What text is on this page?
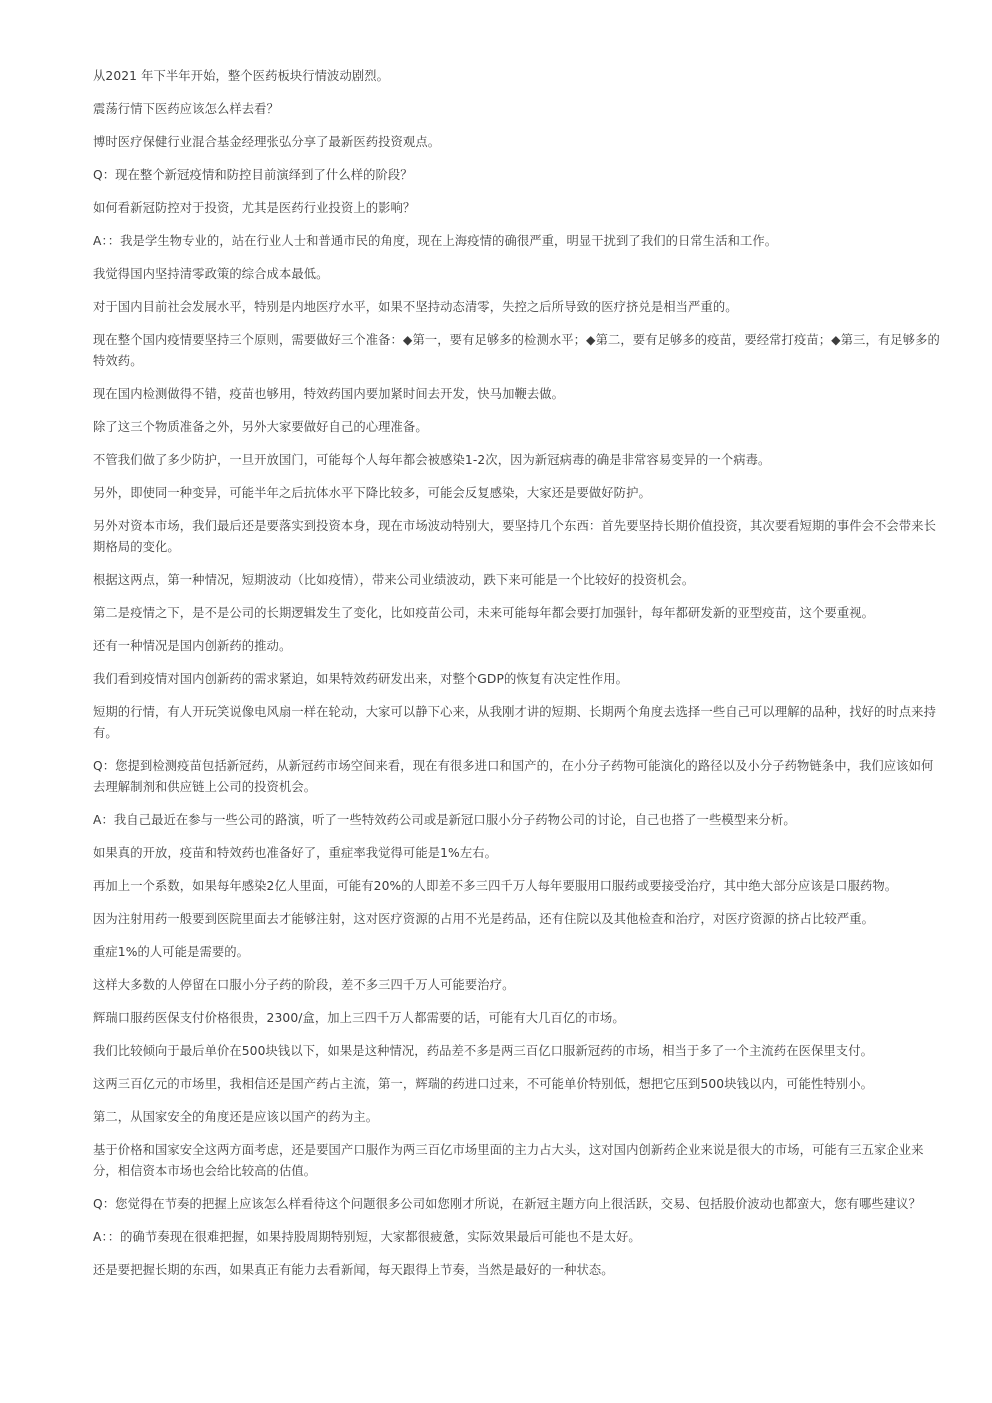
从2021 年下半年开始，整个医药板块行情波动剧烈。

震荡行情下医药应该怎么样去看？

博时医疗保健行业混合基金经理张弘分享了最新医药投资观点。

Q：现在整个新冠疫情和防控目前演绎到了什么样的阶段？

如何看新冠防控对于投资，尤其是医药行业投资上的影响？

A：：我是学生物专业的，站在行业人士和普通市民的角度，现在上海疫情的确很严重，明显干扰到了我们的日常生活和工作。

我觉得国内坚持清零政策的综合成本最低。

对于国内目前社会发展水平，特别是内地医疗水平，如果不坚持动态清零，失控之后所导致的医疗挤兑是相当严重的。

现在整个国内疫情要坚持三个原则，需要做好三个准备：◆第一，要有足够多的检测水平；◆第二，要有足够多的疫苗，要经常打疫苗；◆第三，有足够多的特效药。

现在国内检测做得不错，疫苗也够用，特效药国内要加紧时间去开发，快马加鞭去做。

除了这三个物质准备之外，另外大家要做好自己的心理准备。

不管我们做了多少防护，一旦开放国门，可能每个人每年都会被感染1-2次，因为新冠病毒的确是非常容易变异的一个病毒。

另外，即使同一种变异，可能半年之后抗体水平下降比较多，可能会反复感染，大家还是要做好防护。

另外对资本市场，我们最后还是要落实到投资本身，现在市场波动特别大，要坚持几个东西：首先要坚持长期价值投资，其次要看短期的事件会不会带来长期格局的变化。

根据这两点，第一种情况，短期波动（比如疫情），带来公司业绩波动，跌下来可能是一个比较好的投资机会。

第二是疫情之下，是不是公司的长期逻辑发生了变化，比如疫苗公司，未来可能每年都会要打加强针，每年都研发新的亚型疫苗，这个要重视。

还有一种情况是国内创新药的推动。

我们看到疫情对国内创新药的需求紧迫，如果特效药研发出来，对整个GDP的恢复有决定性作用。

短期的行情，有人开玩笑说像电风扇一样在轮动，大家可以静下心来，从我刚才讲的短期、长期两个角度去选择一些自己可以理解的品种，找好的时点来持有。

Q：您提到检测疫苗包括新冠药，从新冠药市场空间来看，现在有很多进口和国产的，在小分子药物可能演化的路径以及小分子药物链条中，我们应该如何去理解制剂和供应链上公司的投资机会。

A：我自己最近在参与一些公司的路演，听了一些特效药公司或是新冠口服小分子药物公司的讨论，自己也搭了一些模型来分析。

如果真的开放，疫苗和特效药也准备好了，重症率我觉得可能是1%左右。

再加上一个系数，如果每年感染2亿人里面，可能有20%的人即差不多三四千万人每年要服用口服药或要接受治疗，其中绝大部分应该是口服药物。

因为注射用药一般要到医院里面去才能够注射，这对医疗资源的占用不光是药品，还有住院以及其他检查和治疗，对医疗资源的挤占比较严重。

重症1%的人可能是需要的。

这样大多数的人停留在口服小分子药的阶段，差不多三四千万人可能要治疗。

辉瑞口服药医保支付价格很贵，2300/盒，加上三四千万人都需要的话，可能有大几百亿的市场。

我们比较倾向于最后单价在500块钱以下，如果是这种情况，药品差不多是两三百亿口服新冠药的市场，相当于多了一个主流药在医保里支付。

这两三百亿元的市场里，我相信还是国产药占主流，第一，辉瑞的药进口过来，不可能单价特别低，想把它压到500块钱以内，可能性特别小。

第二，从国家安全的角度还是应该以国产的药为主。

基于价格和国家安全这两方面考虑，还是要国产口服作为两三百亿市场里面的主力占大头，这对国内创新药企业来说是很大的市场，可能有三五家企业来分，相信资本市场也会给比较高的估值。

Q：您觉得在节奏的把握上应该怎么样看待这个问题很多公司如您刚才所说，在新冠主题方向上很活跃，交易、包括股价波动也都蛮大，您有哪些建议？

A：：的确节奏现在很难把握，如果持股周期特别短，大家都很疲惫，实际效果最后可能也不是太好。

还是要把握长期的东西，如果真正有能力去看新闻，每天跟得上节奏，当然是最好的一种状态。
